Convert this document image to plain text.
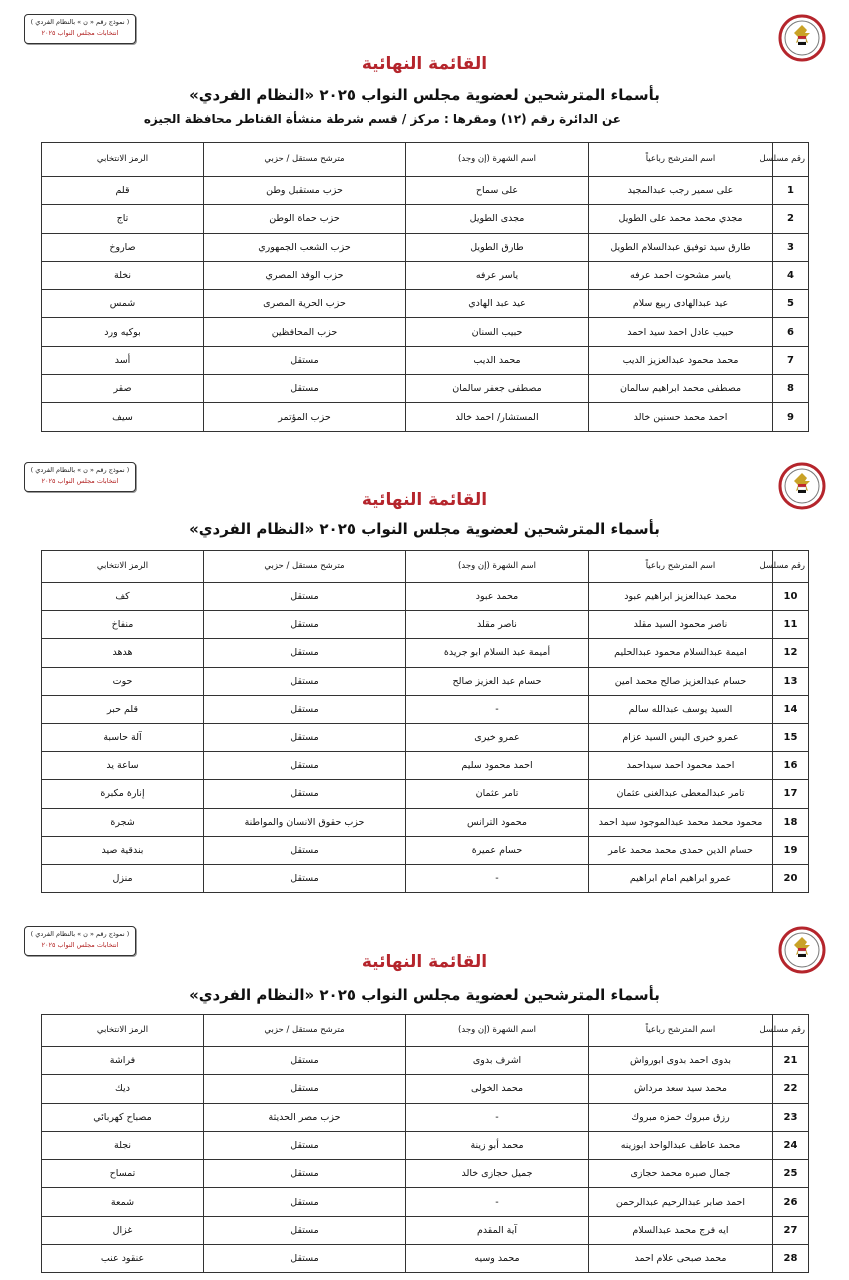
( نموذج رقم « ن » بالنظام الفردي )
انتخابات مجلس النواب ٢٠٢٥
القائمة النهائية
بأسماء المترشحين لعضوية مجلس النواب ٢٠٢٥ «النظام الفردي»
عن الدائرة رقم (١٢) ومقرها : مركز / قسم شرطة منشأة القناطر محافظة الجيزه
رقم مسلسل	اسم المترشح رباعياً	اسم الشهرة (إن وجد)	مترشح مستقل / حزبي	الرمز الانتخابي
1	على سمير رجب عبدالمجيد	على سماح	حزب مستقبل وطن	قلم
2	مجدي محمد محمد على الطويل	مجدى الطويل	حزب حماة الوطن	تاج
3	طارق سيد توفيق عبدالسلام الطويل	طارق الطويل	حزب الشعب الجمهوري	صاروخ
4	ياسر مشحوت احمد عرفه	ياسر عرفه	حزب الوفد المصري	نخلة
5	عيد عبدالهادى ربيع سلام	عيد عبد الهادي	حزب الحرية المصرى	شمس
6	حبيب عادل احمد سيد احمد	حبيب السنان	حزب المحافظين	بوكيه ورد
7	محمد محمود عبدالعزيز الديب	محمد الديب	مستقل	أسد
8	مصطفى محمد ابراهيم سالمان	مصطفى جعفر سالمان	مستقل	صقر
9	احمد محمد حسنين خالد	المستشار/ احمد خالد	حزب المؤتمر	سيف
( نموذج رقم « ن » بالنظام الفردي )
انتخابات مجلس النواب ٢٠٢٥
القائمة النهائية
بأسماء المترشحين لعضوية مجلس النواب ٢٠٢٥ «النظام الفردي»
رقم مسلسل	اسم المترشح رباعياً	اسم الشهرة (إن وجد)	مترشح مستقل / حزبي	الرمز الانتخابي
10	محمد عبدالعزيز ابراهيم عبود	محمد عبود	مستقل	كف
11	ناصر محمود السيد مقلد	ناصر مقلد	مستقل	منفاخ
12	اميمة عبدالسلام محمود عبدالحليم	أميمة عبد السلام ابو جريدة	مستقل	هدهد
13	حسام عبدالعزيز صالح محمد امين	حسام عبد العزيز صالح	مستقل	حوت
14	السيد يوسف عبدالله سالم	-	مستقل	قلم حبر
15	عمرو خيرى اليس السيد عزام	عمرو خيرى	مستقل	آلة حاسبة
16	احمد محمود احمد سيداحمد	احمد محمود سليم	مستقل	ساعة يد
17	تامر عبدالمعطى عبدالغنى عثمان	تامر عثمان	مستقل	إنارة مكبرة
18	محمود محمد محمد عبدالموجود سيد احمد	محمود الترانس	حزب حقوق الانسان والمواطنة	شجرة
19	حسام الدين حمدى محمد محمد عامر	حسام عميرة	مستقل	بندقية صيد
20	عمرو ابراهيم امام ابراهيم	-	مستقل	منزل
( نموذج رقم « ن » بالنظام الفردي )
انتخابات مجلس النواب ٢٠٢٥
القائمة النهائية
بأسماء المترشحين لعضوية مجلس النواب ٢٠٢٥ «النظام الفردي»
رقم مسلسل	اسم المترشح رباعياً	اسم الشهرة (إن وجد)	مترشح مستقل / حزبي	الرمز الانتخابي
21	بدوى احمد بدوى ابورواش	اشرف بدوى	مستقل	فراشة
22	محمد سيد سعد مرداش	محمد الخولى	مستقل	ديك
23	رزق مبروك حمزه مبروك	-	حزب مصر الحديثة	مصباح كهربائي
24	محمد عاطف عبدالواحد ابوزينه	محمد أبو زينة	مستقل	نجلة
25	جمال صبره محمد حجازى	جميل حجازى خالد	مستقل	تمساح
26	احمد صابر عبدالرحيم عبدالرحمن	-	مستقل	شمعة
27	ايه فرج محمد عبدالسلام	آية المقدم	مستقل	غزال
28	محمد صبحى علام احمد	محمد وسيه	مستقل	عنقود عنب
